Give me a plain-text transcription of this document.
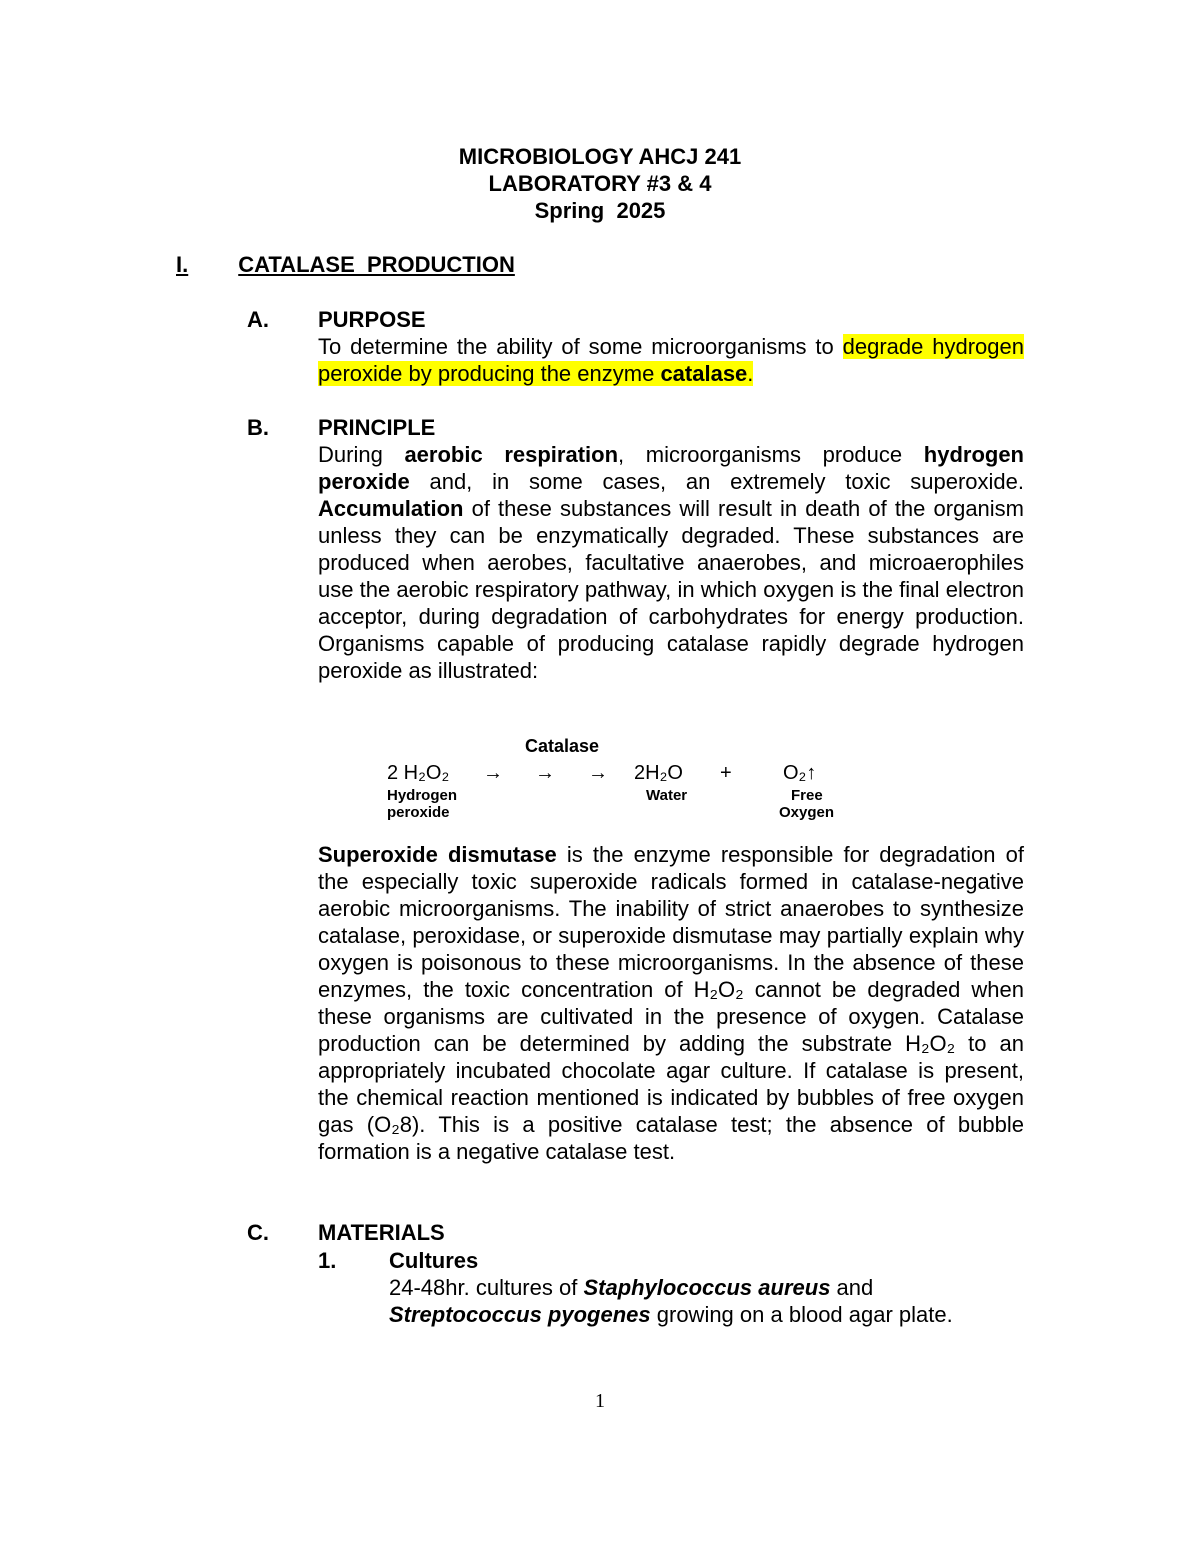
MICROBIOLOGY AHCJ 241
LABORATORY #3 & 4
Spring  2025
I. CATALASE  PRODUCTION
A. PURPOSE

To determine the ability of some microorganisms to degrade hydrogen peroxide by producing the enzyme catalase.

B. PRINCIPLE

During aerobic respiration, microorganisms produce hydrogen peroxide and, in some cases, an extremely toxic superoxide. Accumulation of these substances will result in death of the organism unless they can be enzymatically degraded. These substances are produced when aerobes, facultative anaerobes, and microaerophiles use the aerobic respiratory pathway, in which oxygen is the final electron acceptor, during degradation of carbohydrates for energy production. Organisms capable of producing catalase rapidly degrade hydrogen peroxide as illustrated:

Catalase
2 H₂O₂ → → → 2H₂O +	O₂↑
Hydrogen
peroxide
Water	Free
Oxygen

Superoxide dismutase is the enzyme responsible for degradation of the especially toxic superoxide radicals formed in catalase-negative aerobic microorganisms. The inability of strict anaerobes to synthesize catalase, peroxidase, or superoxide dismutase may partially explain why oxygen is poisonous to these microorganisms. In the absence of these enzymes, the toxic concentration of H₂O₂ cannot be degraded when these organisms are cultivated in the presence of oxygen. Catalase production can be determined by adding the substrate H₂O₂ to an appropriately incubated chocolate agar culture. If catalase is present, the chemical reaction mentioned is indicated by bubbles of free oxygen gas (O₂8). This is a positive catalase test; the absence of bubble formation is a negative catalase test.

C. MATERIALS
1. Cultures
24-48hr. cultures of Staphylococcus aureus and
Streptococcus pyogenes growing on a blood agar plate.
1
